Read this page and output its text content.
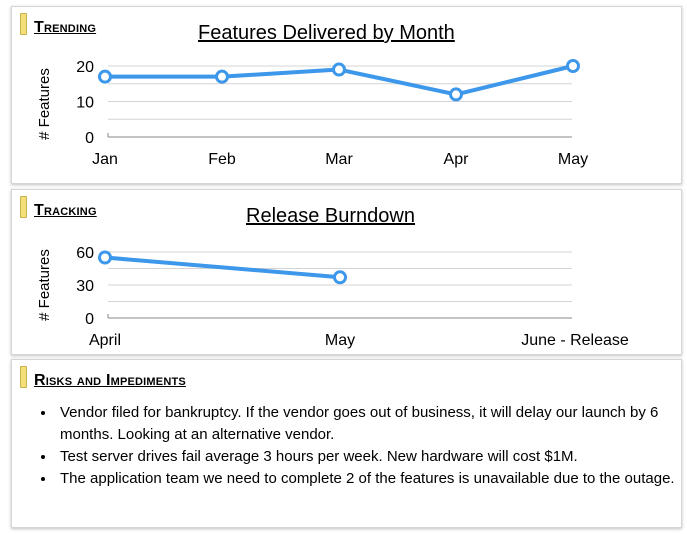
Trending	Features Delivered by Month
0
10
20
# Features
Jan	Feb	Mar	Apr	May
Tracking	Release Burndown
0
30
60
# Features
April	May	June - Release
Risks and Impediments
• Vendor filed for bankruptcy. If the vendor goes out of business, it will delay our launch by 6 months. Looking at an alternative vendor.
• Test server drives fail average 3 hours per week. New hardware will cost $1M.
• The application team we need to complete 2 of the features is unavailable due to the outage.
